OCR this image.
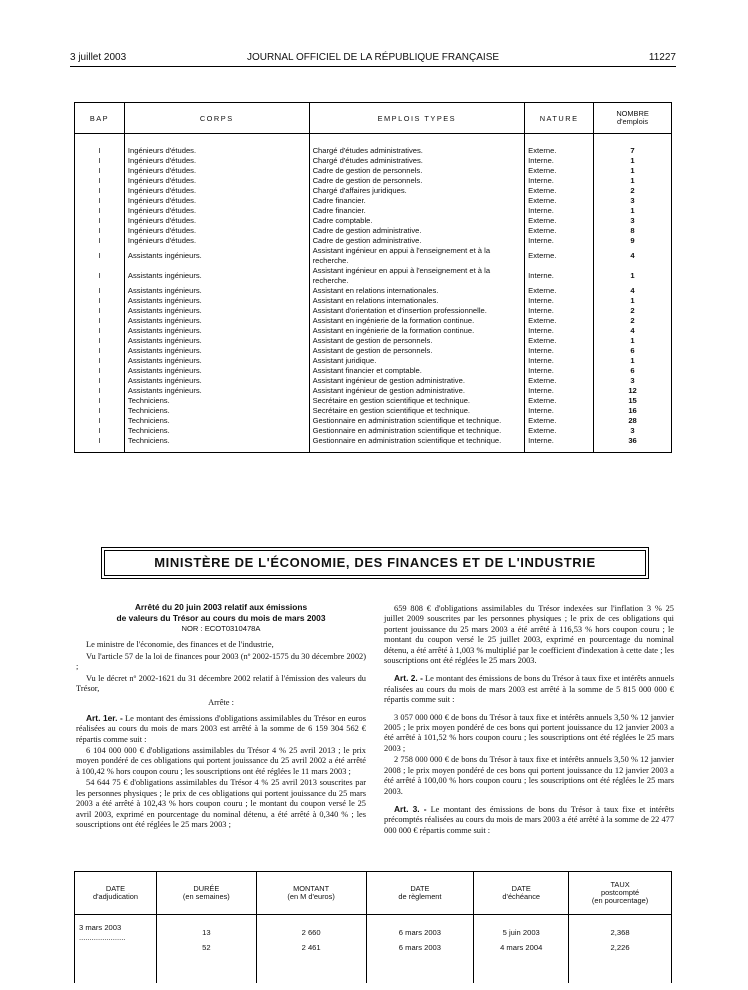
3 juillet 2003	JOURNAL OFFICIEL DE LA RÉPUBLIQUE FRANÇAISE	11227
BAP	CORPS	EMPLOIS TYPES	NATURE	NOMBRE
d'emplois

I	Ingénieurs d'études.	Chargé d'études administratives.	Externe.	7
I	Ingénieurs d'études.	Chargé d'études administratives.	Interne.	1
I	Ingénieurs d'études.	Cadre de gestion de personnels.	Externe.	1
I	Ingénieurs d'études.	Cadre de gestion de personnels.	Interne.	1
I	Ingénieurs d'études.	Chargé d'affaires juridiques.	Externe.	2
I	Ingénieurs d'études.	Cadre financier.	Externe.	3
I	Ingénieurs d'études.	Cadre financier.	Interne.	1
I	Ingénieurs d'études.	Cadre comptable.	Externe.	3
I	Ingénieurs d'études.	Cadre de gestion administrative.	Externe.	8
I	Ingénieurs d'études.	Cadre de gestion administrative.	Interne.	9
I	Assistants ingénieurs.	Assistant ingénieur en appui à l'enseignement et à la recherche.	Externe.	4
I	Assistants ingénieurs.	Assistant ingénieur en appui à l'enseignement et à la recherche.	Interne.	1
I	Assistants ingénieurs.	Assistant en relations internationales.	Externe.	4
I	Assistants ingénieurs.	Assistant en relations internationales.	Interne.	1
I	Assistants ingénieurs.	Assistant d'orientation et d'insertion professionnelle.	Interne.	2
I	Assistants ingénieurs.	Assistant en ingénierie de la formation continue.	Externe.	2
I	Assistants ingénieurs.	Assistant en ingénierie de la formation continue.	Interne.	4
I	Assistants ingénieurs.	Assistant de gestion de personnels.	Externe.	1
I	Assistants ingénieurs.	Assistant de gestion de personnels.	Interne.	6
I	Assistants ingénieurs.	Assistant juridique.	Interne.	1
I	Assistants ingénieurs.	Assistant financier et comptable.	Interne.	6
I	Assistants ingénieurs.	Assistant ingénieur de gestion administrative.	Externe.	3
I	Assistants ingénieurs.	Assistant ingénieur de gestion administrative.	Interne.	12
I	Techniciens.	Secrétaire en gestion scientifique et technique.	Externe.	15
I	Techniciens.	Secrétaire en gestion scientifique et technique.	Interne.	16
I	Techniciens.	Gestionnaire en administration scientifique et technique.	Externe.	28
I	Techniciens.	Gestionnaire en administration scientifique et technique.	Externe.	3
I	Techniciens.	Gestionnaire en administration scientifique et technique.	Interne.	36

MINISTÈRE DE L'ÉCONOMIE, DES FINANCES ET DE L'INDUSTRIE

Arrêté du 20 juin 2003 relatif aux émissions

de valeurs du Trésor au cours du mois de mars 2003

NOR : ECOT0310478A

Le ministre de l'économie, des finances et de l'industrie,

Vu l'article 57 de la loi de finances pour 2003 (nº 2002-1575 du 30 décembre 2002) ;

Vu le décret nº 2002-1621 du 31 décembre 2002 relatif à l'émission des valeurs du Trésor,

Arrête :

Art. 1er. - Le montant des émissions d'obligations assimilables du Trésor en euros réalisées au cours du mois de mars 2003 est arrêté à la somme de 6 159 304 562 € répartis comme suit :

6 104 000 000 € d'obligations assimilables du Trésor 4 % 25 avril 2013 ; le prix moyen pondéré de ces obligations qui portent jouissance du 25 avril 2002 a été arrêté à 100,42 % hors coupon couru ; les souscriptions ont été réglées le 11 mars 2003 ;

54 644 75 € d'obligations assimilables du Trésor 4 % 25 avril 2013 souscrites par les personnes physiques ; le prix de ces obligations qui portent jouissance du 25 mars 2003 a été arrêté à 102,43 % hors coupon couru ; le montant du coupon versé le 25 avril 2003, exprimé en pourcentage du nominal détenu, a été arrêté à 0,340 % ; les souscriptions ont été réglées le 25 mars 2003 ;

659 808 € d'obligations assimilables du Trésor indexées sur l'inflation 3 % 25 juillet 2009 souscrites par les personnes physiques ; le prix de ces obligations qui portent jouissance du 25 mars 2003 a été arrêté à 116,53 % hors coupon couru ; le montant du coupon versé le 25 juillet 2003, exprimé en pourcentage du nominal détenu, a été arrêté à 1,003 % multiplié par le coefficient d'indexation à cette date ; les souscriptions ont été réglées le 25 mars 2003.

Art. 2. - Le montant des émissions de bons du Trésor à taux fixe et intérêts annuels réalisées au cours du mois de mars 2003 est arrêté à la somme de 5 815 000 000 € répartis comme suit :

3 057 000 000 € de bons du Trésor à taux fixe et intérêts annuels 3,50 % 12 janvier 2005 ; le prix moyen pondéré de ces bons qui portent jouissance du 12 janvier 2003 a été arrêté à 101,52 % hors coupon couru ; les souscriptions ont été réglées le 25 mars 2003 ;

2 758 000 000 € de bons du Trésor à taux fixe et intérêts annuels 3,50 % 12 janvier 2008 ; le prix moyen pondéré de ces bons qui portent jouissance du 12 janvier 2003 a été arrêté à 100,00 % hors coupon couru ; les souscriptions ont été réglées le 25 mars 2003.

Art. 3. - Le montant des émissions de bons du Trésor à taux fixe et intérêts précomptés réalisées au cours du mois de mars 2003 a été arrêté à la somme de 22 477 000 000 € répartis comme suit :

DATE
d'adjudication	DURÉE
(en semaines)	MONTANT
(en M d'euros)	DATE
de règlement	DATE
d'échéance	TAUX
postcompté
(en pourcentage)
3 mars 2003 ......................	13	2 660	6 mars 2003	5 juin 2003	2,368
	52	2 461	6 mars 2003	4 mars 2004	2,226
